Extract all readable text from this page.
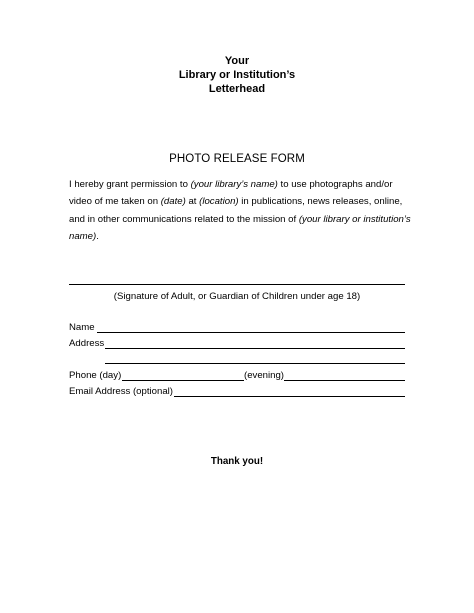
Your
Library or Institution’s
Letterhead
PHOTO RELEASE FORM
I hereby grant permission to (your library’s name) to use photographs and/or
video of me taken on (date) at (location) in publications, news releases, online,
and in other communications related to the mission of (your library or institution’s
name).
(Signature of Adult, or Guardian of Children under age 18)
Name
Address
Phone (day)	(evening)
Email Address (optional)
Thank you!
